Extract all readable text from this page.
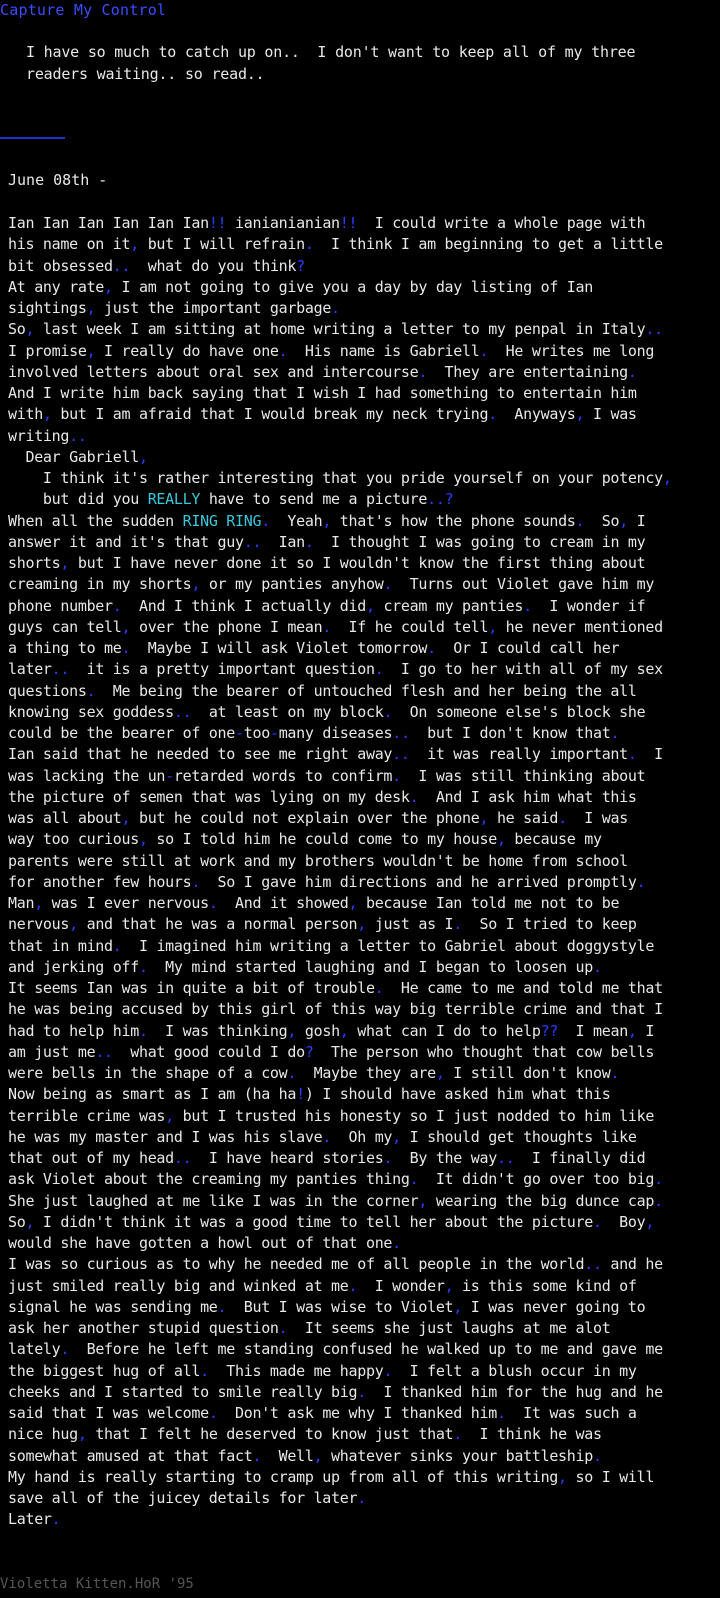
Capture My Control
I have so much to catch up on..  I don't want to keep all of my three
readers waiting.. so read..
June 08th -
Ian Ian Ian Ian Ian Ian!! ianianianian!!  I could write a whole page with
his name on it, but I will refrain.  I think I am beginning to get a little
bit obsessed..  what do you think?
At any rate, I am not going to give you a day by day listing of Ian
sightings, just the important garbage.
So, last week I am sitting at home writing a letter to my penpal in Italy..
I promise, I really do have one.  His name is Gabriell.  He writes me long
involved letters about oral sex and intercourse.  They are entertaining.
And I write him back saying that I wish I had something to entertain him
with, but I am afraid that I would break my neck trying.  Anyways, I was
writing..
Dear Gabriell,
I think it's rather interesting that you pride yourself on your potency,
but did you REALLY have to send me a picture..?
When all the sudden RING RING.  Yeah, that's how the phone sounds.  So, I
answer it and it's that guy..  Ian.  I thought I was going to cream in my
shorts, but I have never done it so I wouldn't know the first thing about
creaming in my shorts, or my panties anyhow.  Turns out Violet gave him my
phone number.  And I think I actually did, cream my panties.  I wonder if
guys can tell, over the phone I mean.  If he could tell, he never mentioned
a thing to me.  Maybe I will ask Violet tomorrow.  Or I could call her
later..  it is a pretty important question.  I go to her with all of my sex
questions.  Me being the bearer of untouched flesh and her being the all
knowing sex goddess..  at least on my block.  On someone else's block she
could be the bearer of one-too-many diseases..  but I don't know that.
Ian said that he needed to see me right away..  it was really important.  I
was lacking the un-retarded words to confirm.  I was still thinking about
the picture of semen that was lying on my desk.  And I ask him what this
was all about, but he could not explain over the phone, he said.  I was
way too curious, so I told him he could come to my house, because my
parents were still at work and my brothers wouldn't be home from school
for another few hours.  So I gave him directions and he arrived promptly.
Man, was I ever nervous.  And it showed, because Ian told me not to be
nervous, and that he was a normal person, just as I.  So I tried to keep
that in mind.  I imagined him writing a letter to Gabriel about doggystyle
and jerking off.  My mind started laughing and I began to loosen up.
It seems Ian was in quite a bit of trouble.  He came to me and told me that
he was being accused by this girl of this way big terrible crime and that I
had to help him.  I was thinking, gosh, what can I do to help??  I mean, I
am just me..  what good could I do?  The person who thought that cow bells
were bells in the shape of a cow.  Maybe they are, I still don't know.
Now being as smart as I am (ha ha!) I should have asked him what this
terrible crime was, but I trusted his honesty so I just nodded to him like
he was my master and I was his slave.  Oh my, I should get thoughts like
that out of my head..  I have heard stories.  By the way..  I finally did
ask Violet about the creaming my panties thing.  It didn't go over too big.
She just laughed at me like I was in the corner, wearing the big dunce cap.
So, I didn't think it was a good time to tell her about the picture.  Boy,
would she have gotten a howl out of that one.
I was so curious as to why he needed me of all people in the world.. and he
just smiled really big and winked at me.  I wonder, is this some kind of
signal he was sending me.  But I was wise to Violet, I was never going to
ask her another stupid question.  It seems she just laughs at me alot
lately.  Before he left me standing confused he walked up to me and gave me
the biggest hug of all.  This made me happy.  I felt a blush occur in my
cheeks and I started to smile really big.  I thanked him for the hug and he
said that I was welcome.  Don't ask me why I thanked him.  It was such a
nice hug, that I felt he deserved to know just that.  I think he was
somewhat amused at that fact.  Well, whatever sinks your battleship.
My hand is really starting to cramp up from all of this writing, so I will
save all of the juicey details for later.
Later.
Violetta Kitten.HoR '95
